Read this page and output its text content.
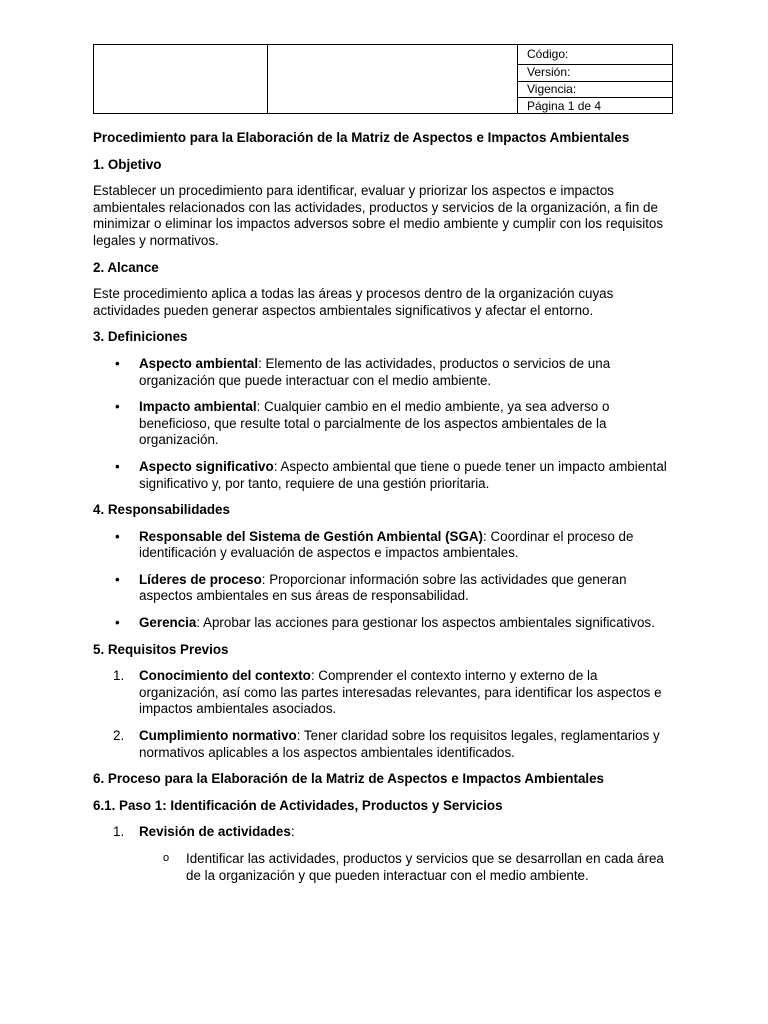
Código:
Versión:
Vigencia:
Página 1 de 4
Procedimiento para la Elaboración de la Matriz de Aspectos e Impactos Ambientales
1. Objetivo
Establecer un procedimiento para identificar, evaluar y priorizar los aspectos e impactos ambientales relacionados con las actividades, productos y servicios de la organización, a fin de minimizar o eliminar los impactos adversos sobre el medio ambiente y cumplir con los requisitos legales y normativos.
2. Alcance
Este procedimiento aplica a todas las áreas y procesos dentro de la organización cuyas actividades pueden generar aspectos ambientales significativos y afectar el entorno.
3. Definiciones
• Aspecto ambiental: Elemento de las actividades, productos o servicios de una organización que puede interactuar con el medio ambiente.
• Impacto ambiental: Cualquier cambio en el medio ambiente, ya sea adverso o beneficioso, que resulte total o parcialmente de los aspectos ambientales de la organización.
• Aspecto significativo: Aspecto ambiental que tiene o puede tener un impacto ambiental significativo y, por tanto, requiere de una gestión prioritaria.
4. Responsabilidades
• Responsable del Sistema de Gestión Ambiental (SGA): Coordinar el proceso de identificación y evaluación de aspectos e impactos ambientales.
• Líderes de proceso: Proporcionar información sobre las actividades que generan aspectos ambientales en sus áreas de responsabilidad.
• Gerencia: Aprobar las acciones para gestionar los aspectos ambientales significativos.
5. Requisitos Previos
1. Conocimiento del contexto: Comprender el contexto interno y externo de la organización, así como las partes interesadas relevantes, para identificar los aspectos e impactos ambientales asociados.
2. Cumplimiento normativo: Tener claridad sobre los requisitos legales, reglamentarios y normativos aplicables a los aspectos ambientales identificados.
6. Proceso para la Elaboración de la Matriz de Aspectos e Impactos Ambientales
6.1. Paso 1: Identificación de Actividades, Productos y Servicios
1. Revisión de actividades:
o Identificar las actividades, productos y servicios que se desarrollan en cada área de la organización y que pueden interactuar con el medio ambiente.
